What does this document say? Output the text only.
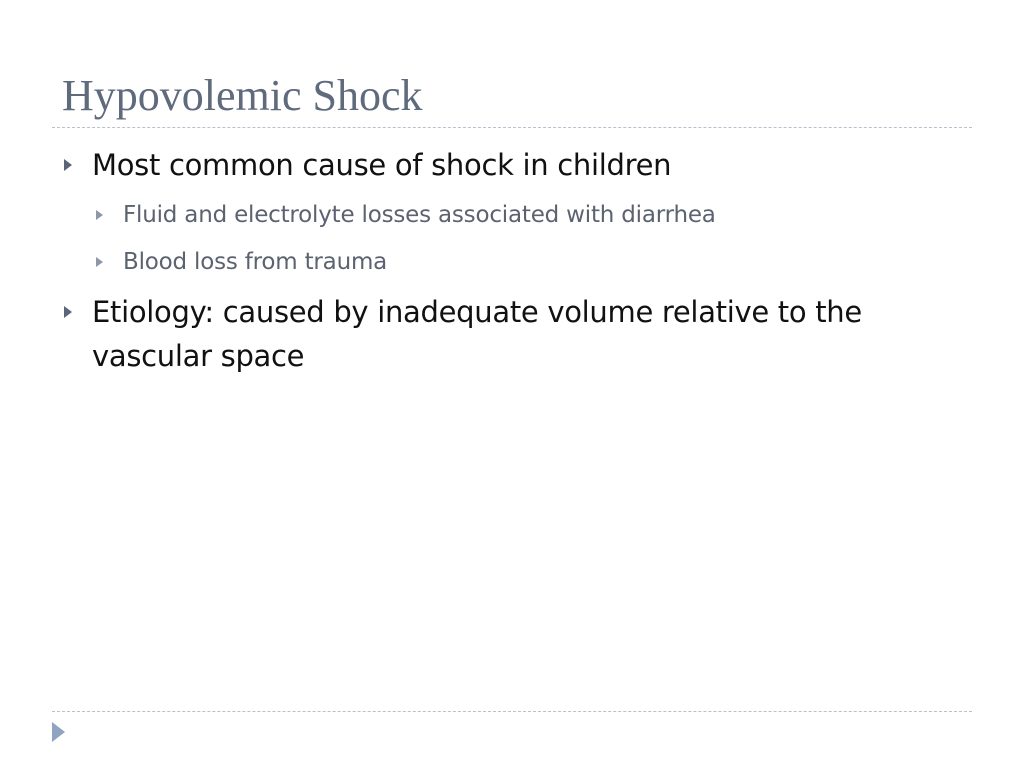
Hypovolemic Shock
Most common cause of shock in children
Fluid and electrolyte losses associated with diarrhea
Blood loss from trauma
Etiology: caused by inadequate volume relative to the
vascular space
